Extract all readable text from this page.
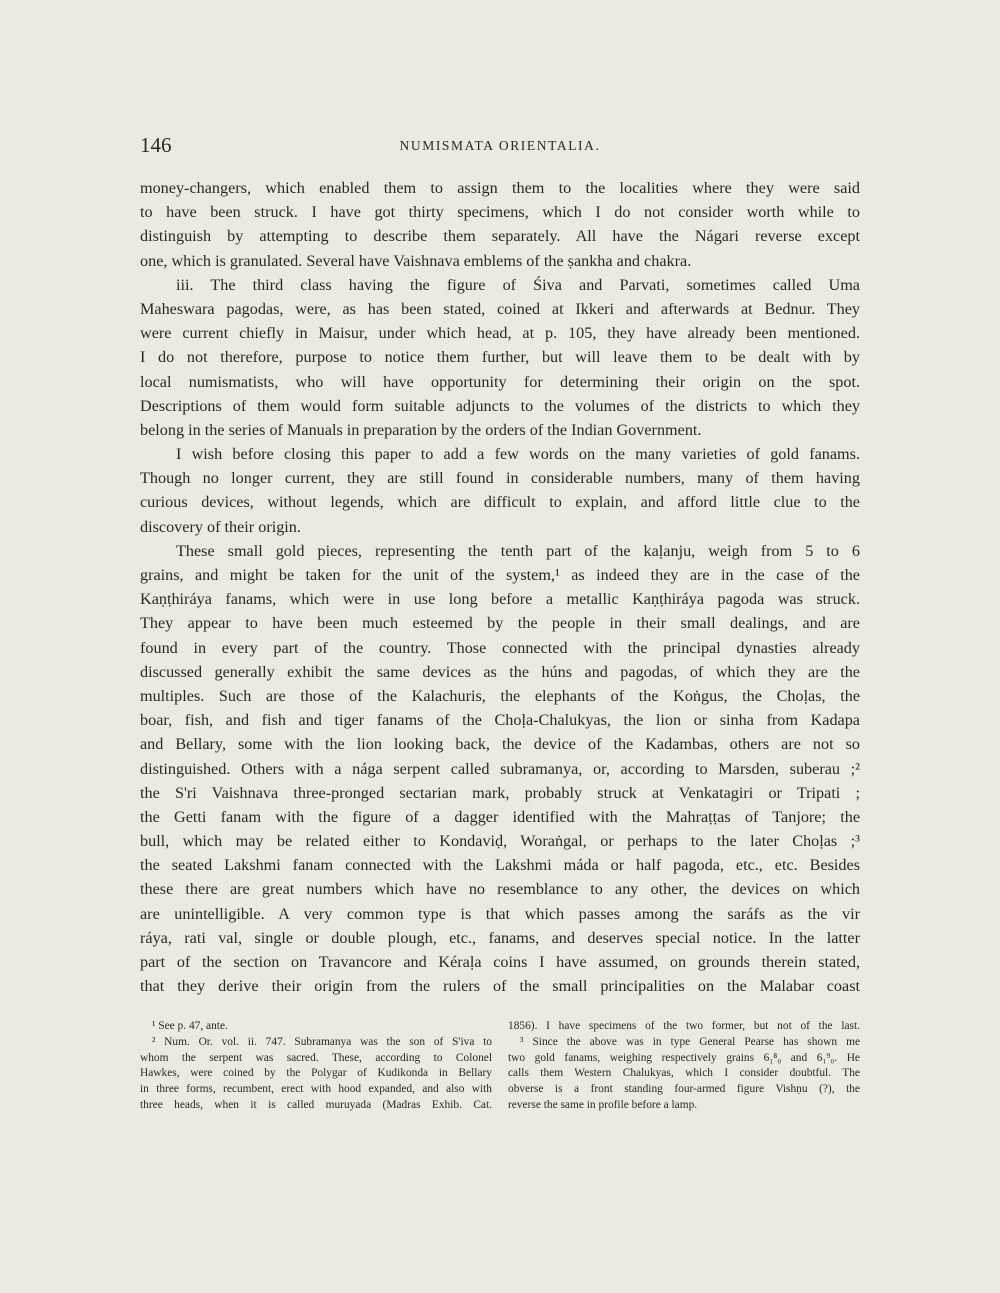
146	NUMISMATA ORIENTALIA.
money-changers, which enabled them to assign them to the localities where they were said
to have been struck. I have got thirty specimens, which I do not consider worth while to
distinguish by attempting to describe them separately. All have the Nágari reverse except
one, which is granulated. Several have Vaishnava emblems of the ṣankha and chakra.
iii. The third class having the figure of Śiva and Parvati, sometimes called Uma
Maheswara pagodas, were, as has been stated, coined at Ikkeri and afterwards at Bednur. They
were current chiefly in Maisur, under which head, at p. 105, they have already been mentioned.
I do not therefore, purpose to notice them further, but will leave them to be dealt with by
local numismatists, who will have opportunity for determining their origin on the spot.
Descriptions of them would form suitable adjuncts to the volumes of the districts to which they
belong in the series of Manuals in preparation by the orders of the Indian Government.
I wish before closing this paper to add a few words on the many varieties of gold fanams.
Though no longer current, they are still found in considerable numbers, many of them having
curious devices, without legends, which are difficult to explain, and afford little clue to the
discovery of their origin.
These small gold pieces, representing the tenth part of the kaḷanju, weigh from 5 to 6
grains, and might be taken for the unit of the system,¹ as indeed they are in the case of the
Kaṇṭhiráya fanams, which were in use long before a metallic Kaṇṭhiráya pagoda was struck.
They appear to have been much esteemed by the people in their small dealings, and are
found in every part of the country. Those connected with the principal dynasties already
discussed generally exhibit the same devices as the húns and pagodas, of which they are the
multiples. Such are those of the Kalachuris, the elephants of the Koṅgus, the Choḷas, the
boar, fish, and fish and tiger fanams of the Choḷa-Chalukyas, the lion or sinha from Kadapa
and Bellary, some with the lion looking back, the device of the Kadambas, others are not so
distinguished. Others with a nága serpent called subramanya, or, according to Marsden, suberau ;²
the S'ri Vaishnava three-pronged sectarian mark, probably struck at Venkatagiri or Tripati ;
the Getti fanam with the figure of a dagger identified with the Mahraṭṭas of Tanjore; the
bull, which may be related either to Kondaviḍ, Woraṅgal, or perhaps to the later Choḷas ;³
the seated Lakshmi fanam connected with the Lakshmi máda or half pagoda, etc., etc. Besides
these there are great numbers which have no resemblance to any other, the devices on which
are unintelligible. A very common type is that which passes among the saráfs as the vir
ráya, rati val, single or double plough, etc., fanams, and deserves special notice. In the latter
part of the section on Travancore and Kéraḷa coins I have assumed, on grounds therein stated,
that they derive their origin from the rulers of the small principalities on the Malabar coast
¹ See p. 47, ante.
² Num. Or. vol. ii. 747. Subramanya was the son of S'iva to
whom the serpent was sacred. These, according to Colonel
Hawkes, were coined by the Polygar of Kudikonda in Bellary
in three forms, recumbent, erect with hood expanded, and also with
three heads, when it is called muruyada (Madras Exhib. Cat.
1856). I have specimens of the two former, but not of the last.
³ Since the above was in type General Pearse has shown me
two gold fanams, weighing respectively grains 6₁⁸₀ and 6₁⁹₀. He
calls them Western Chalukyas, which I consider doubtful. The
obverse is a front standing four-armed figure Vishṇu (?), the
reverse the same in profile before a lamp.
